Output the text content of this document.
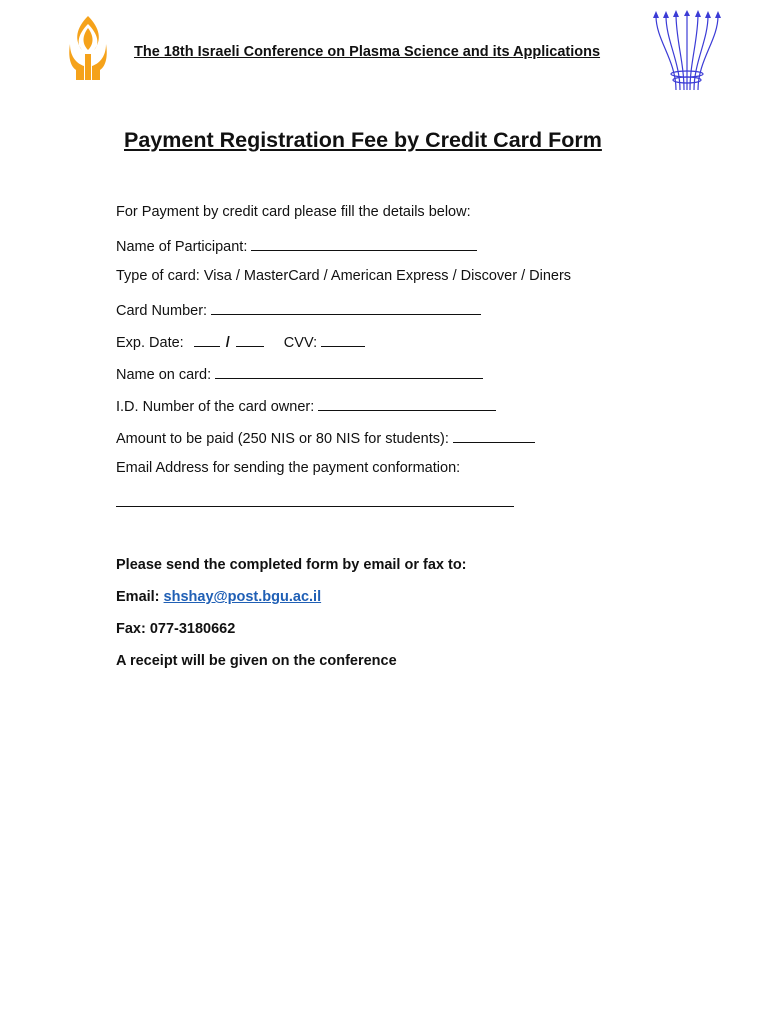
The 18th Israeli Conference on Plasma Science and its Applications
Payment Registration Fee by Credit Card Form
For Payment by credit card please fill the details below:
Name of Participant:
Type of card: Visa / MasterCard / American Express / Discover / Diners
Card Number:
Exp. Date:	/	CVV:
Name on card:
I.D. Number of the card owner:
Amount to be paid (250 NIS or 80 NIS for students):
Email Address for sending the payment conformation:
Please send the completed form by email or fax to:
Email: shshay@post.bgu.ac.il
Fax: 077-3180662
A receipt will be given on the conference
